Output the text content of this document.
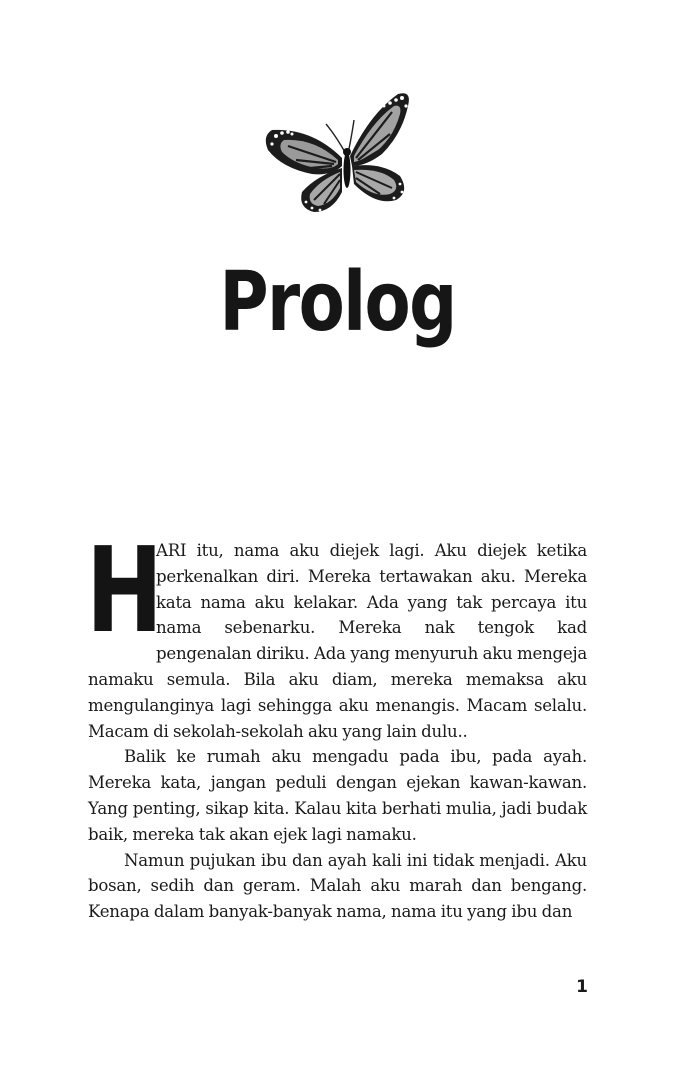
Prolog

H
ARI itu, nama aku diejek lagi. Aku diejek ketika perkenalkan diri. Mereka tertawakan aku. Mereka kata nama aku kelakar. Ada yang tak percaya itu nama sebenarku. Mereka nak tengok kad pengenalan diriku. Ada yang menyuruh aku mengeja namaku semula. Bila aku diam, mereka memaksa aku mengulanginya lagi sehingga aku menangis. Macam selalu. Macam di sekolah-sekolah aku yang lain dulu..

Balik ke rumah aku mengadu pada ibu, pada ayah. Mereka kata, jangan peduli dengan ejekan kawan-kawan. Yang penting, sikap kita. Kalau kita berhati mulia, jadi budak baik, mereka tak akan ejek lagi namaku.

Namun pujukan ibu dan ayah kali ini tidak menjadi. Aku bosan, sedih dan geram. Malah aku marah dan bengang. Kenapa dalam banyak-banyak nama, nama itu yang ibu dan

1
